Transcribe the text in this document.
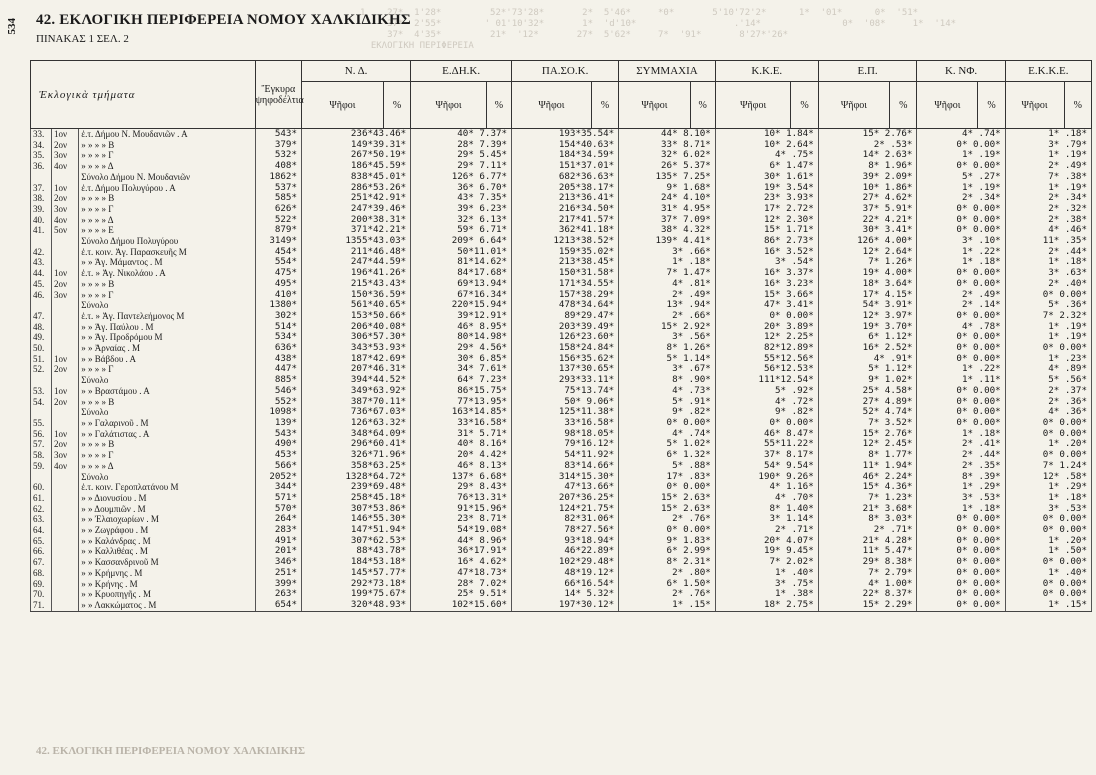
534
1    27*  1'28*         52*'73'28*       2*  5'46*     *0*       5'10'72'2*      1*  '01*      0*  '51*
37*  2'55*        ' 01'10'32*       1*  'd'10*                  .'14*               0*  '08*     1*  '14*
37*  4'35*         21*  '12*       27*  5'62*     7*  '91*       8'27*'26*
ΕΚΛΟΓΙΚΗ ΠΕΡΙΦΕΡΕΙΑ
42. ΕΚΛΟΓΙΚΗ ΠΕΡΙΦΕΡΕΙΑ ΝΟΜΟΥ ΧΑΛΚΙΔΙΚΗΣ
ΠΙΝΑΚΑΣ 1 ΣΕΛ. 2
Ἐκλογικὰ τμήματα			Ἔγκυρα ψηφοδέλτια	Ν. Δ.		Ε.ΔΗ.Κ.		ΠΑ.ΣΟ.Κ.		ΣΥΜΜΑΧΙΑ		Κ.Κ.Ε.		Ε.Π.		Κ. ΝΦ.		Ε.Κ.Κ.Ε.	
				Ψῆφοι	%	Ψῆφοι	%	Ψῆφοι	%	Ψῆφοι	%	Ψῆφοι	%	Ψῆφοι	%	Ψῆφοι	%	Ψῆφοι	%
33.	1ον	ἐ.τ. Δήμου Ν. Μουδανιῶν . Α	543*	236*43.46*		40* 7.37*		193*35.54*		44* 8.10*		10* 1.84*		15* 2.76*		4* .74*		1* .18*	
34.	2ον	» » » » Β	379*	149*39.31*		28* 7.39*		154*40.63*		33* 8.71*		10* 2.64*		2* .53*		0* 0.00*		3* .79*	
35.	3ον	» » » » Γ	532*	267*50.19*		29* 5.45*		184*34.59*		32* 6.02*		4* .75*		14* 2.63*		1* .19*		1* .19*	
36.	4ον	» » » » Δ	408*	186*45.59*		29* 7.11*		151*37.01*		26* 5.37*		6* 1.47*		8* 1.96*		0* 0.00*		2* .49*	
		Σύνολο Δήμου Ν. Μουδανιῶν	1862*	838*45.01*		126* 6.77*		682*36.63*		135* 7.25*		30* 1.61*		39* 2.09*		5* .27*		7* .38*	
37.	1ον	ἐ.τ. Δήμου Πολυγύρου . Α	537*	286*53.26*		36* 6.70*		205*38.17*		9* 1.68*		19* 3.54*		10* 1.86*		1* .19*		1* .19*	
38.	2ον	» » » » Β	585*	251*42.91*		43* 7.35*		213*36.41*		24* 4.10*		23* 3.93*		27* 4.62*		2* .34*		2* .34*	
39.	3ον	» » » » Γ	626*	247*39.46*		39* 6.23*		216*34.50*		31* 4.95*		17* 2.72*		37* 5.91*		0* 0.00*		2* .32*	
40.	4ον	» » » » Δ	522*	200*38.31*		32* 6.13*		217*41.57*		37* 7.09*		12* 2.30*		22* 4.21*		0* 0.00*		2* .38*	
41.	5ον	» » » » Ε	879*	371*42.21*		59* 6.71*		362*41.18*		38* 4.32*		15* 1.71*		30* 3.41*		0* 0.00*		4* .46*	
		Σύνολο Δήμου Πολυγύρου	3149*	1355*43.03*		209* 6.64*		1213*38.52*		139* 4.41*		86* 2.73*		126* 4.00*		3* .10*		11* .35*	
42.		ἐ.τ. κοιν. Ἁγ. Παρασκευῆς Μ	454*	211*46.48*		50*11.01*		159*35.02*		3* .66*		16* 3.52*		12* 2.64*		1* .22*		2* .44*	
43.		» » Ἁγ. Μάμαντος . Μ	554*	247*44.59*		81*14.62*		213*38.45*		1* .18*		3* .54*		7* 1.26*		1* .18*		1* .18*	
44.	1ον	ἐ.τ. » Ἁγ. Νικολάου . Α	475*	196*41.26*		84*17.68*		150*31.58*		7* 1.47*		16* 3.37*		19* 4.00*		0* 0.00*		3* .63*	
45.	2ον	» » » » Β	495*	215*43.43*		69*13.94*		171*34.55*		4* .81*		16* 3.23*		18* 3.64*		0* 0.00*		2* .40*	
46.	3ον	» » » » Γ	410*	150*36.59*		67*16.34*		157*38.29*		2* .49*		15* 3.66*		17* 4.15*		2* .49*		0* 0.00*	
		Σύνολο	1380*	561*40.65*		220*15.94*		478*34.64*		13* .94*		47* 3.41*		54* 3.91*		2* .14*		5* .36*	
47.		ἐ.τ. » Ἁγ. Παντελεήμονος Μ	302*	153*50.66*		39*12.91*		89*29.47*		2* .66*		0* 0.00*		12* 3.97*		0* 0.00*		7* 2.32*	
48.		» » Ἁγ. Παύλου . Μ	514*	206*40.08*		46* 8.95*		203*39.49*		15* 2.92*		20* 3.89*		19* 3.70*		4* .78*		1* .19*	
49.		» » Ἁγ. Προδρόμου Μ	534*	306*57.30*		80*14.98*		126*23.60*		3* .56*		12* 2.25*		6* 1.12*		0* 0.00*		1* .19*	
50.		» » Ἀρναίας . Μ	636*	343*53.93*		29* 4.56*		158*24.84*		8* 1.26*		82*12.89*		16* 2.52*		0* 0.00*		0* 0.00*	
51.	1ον	» » Βάβδου . Α	438*	187*42.69*		30* 6.85*		156*35.62*		5* 1.14*		55*12.56*		4* .91*		0* 0.00*		1* .23*	
52.	2ον	» » » » Γ	447*	207*46.31*		34* 7.61*		137*30.65*		3* .67*		56*12.53*		5* 1.12*		1* .22*		4* .89*	
		Σύνολο	885*	394*44.52*		64* 7.23*		293*33.11*		8* .90*		111*12.54*		9* 1.02*		1* .11*		5* .56*	
53.	1ον	» » Βραστάμου . Α	546*	349*63.92*		86*15.75*		75*13.74*		4* .73*		5* .92*		25* 4.58*		0* 0.00*		2* .37*	
54.	2ον	» » » » Β	552*	387*70.11*		77*13.95*		50* 9.06*		5* .91*		4* .72*		27* 4.89*		0* 0.00*		2* .36*	
		Σύνολο	1098*	736*67.03*		163*14.85*		125*11.38*		9* .82*		9* .82*		52* 4.74*		0* 0.00*		4* .36*	
55.		» » Γαλαρινοῦ . Μ	139*	126*63.32*		33*16.58*		33*16.58*		0* 0.00*		0* 0.00*		7* 3.52*		0* 0.00*		0* 0.00*	
56.	1ον	» » Γαλάτιστας . Α	543*	348*64.09*		31* 5.71*		98*18.05*		4* .74*		46* 8.47*		15* 2.76*		1* .18*		0* 0.00*	
57.	2ον	» » » » Β	490*	296*60.41*		40* 8.16*		79*16.12*		5* 1.02*		55*11.22*		12* 2.45*		2* .41*		1* .20*	
58.	3ον	» » » » Γ	453*	326*71.96*		20* 4.42*		54*11.92*		6* 1.32*		37* 8.17*		8* 1.77*		2* .44*		0* 0.00*	
59.	4ον	» » » » Δ	566*	358*63.25*		46* 8.13*		83*14.66*		5* .88*		54* 9.54*		11* 1.94*		2* .35*		7* 1.24*	
		Σύνολο	2052*	1328*64.72*		137* 6.68*		314*15.30*		17* .83*		190* 9.26*		46* 2.24*		8* .39*		12* .58*	
60.		ἐ.τ. κοιν. Γεροπλατάνου Μ	344*	239*69.48*		29* 8.43*		47*13.66*		0* 0.00*		4* 1.16*		15* 4.36*		1* .29*		1* .29*	
61.		» » Διονυσίου . Μ	571*	258*45.18*		76*13.31*		207*36.25*		15* 2.63*		4* .70*		7* 1.23*		3* .53*		1* .18*	
62.		» » Δουμπιῶν . Μ	570*	307*53.86*		91*15.96*		124*21.75*		15* 2.63*		8* 1.40*		21* 3.68*		1* .18*		3* .53*	
63.		» » Ἐλαιοχωρίων . Μ	264*	146*55.30*		23* 8.71*		82*31.06*		2* .76*		3* 1.14*		8* 3.03*		0* 0.00*		0* 0.00*	
64.		» » Ζωγράφου . Μ	283*	147*51.94*		54*19.08*		78*27.56*		0* 0.00*		2* .71*		2* .71*		0* 0.00*		0* 0.00*	
65.		» » Καλάνδρας . Μ	491*	307*62.53*		44* 8.96*		93*18.94*		9* 1.83*		20* 4.07*		21* 4.28*		0* 0.00*		1* .20*	
66.		» » Καλλιθέας . Μ	201*	88*43.78*		36*17.91*		46*22.89*		6* 2.99*		19* 9.45*		11* 5.47*		0* 0.00*		1* .50*	
67.		» » Κασσανδρινοῦ Μ	346*	184*53.18*		16* 4.62*		102*29.48*		8* 2.31*		7* 2.02*		29* 8.38*		0* 0.00*		0* 0.00*	
68.		» » Κρήμνης . Μ	251*	145*57.77*		47*18.73*		48*19.12*		2* .80*		1* .40*		7* 2.79*		0* 0.00*		1* .40*	
69.		» » Κρήνης . Μ	399*	292*73.18*		28* 7.02*		66*16.54*		6* 1.50*		3* .75*		4* 1.00*		0* 0.00*		0* 0.00*	
70.		» » Κρυοπηγῆς . Μ	263*	199*75.67*		25* 9.51*		14* 5.32*		2* .76*		1* .38*		22* 8.37*		0* 0.00*		0* 0.00*	
71.		» » Λακκώματος . Μ	654*	320*48.93*		102*15.60*		197*30.12*		1* .15*		18* 2.75*		15* 2.29*		0* 0.00*		1* .15*	
42. ΕΚΛΟΓΙΚΗ ΠΕΡΙΦΕΡΕΙΑ ΝΟΜΟΥ ΧΑΛΚΙΔΙΚΗΣ
